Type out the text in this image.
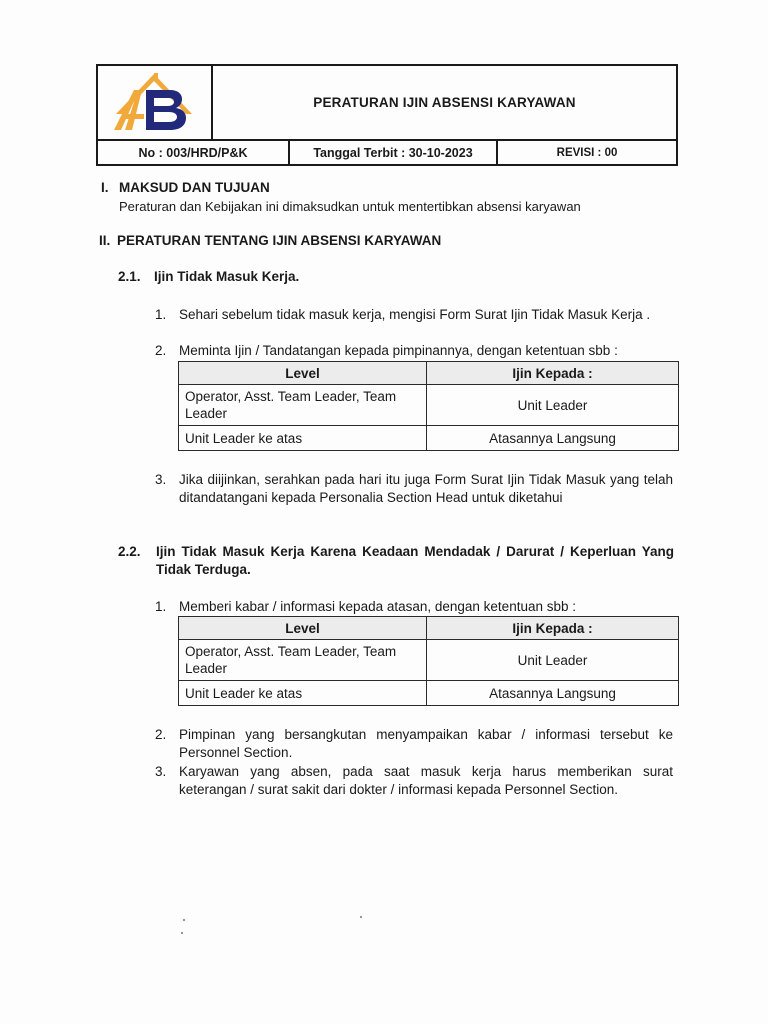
PERATURAN IJIN ABSENSI KARYAWAN
No : 003/HRD/P&K	Tanggal Terbit : 30-10-2023	REVISI : 00
I. MAKSUD DAN TUJUAN
Peraturan dan Kebijakan ini dimaksudkan untuk mentertibkan absensi karyawan
II. PERATURAN TENTANG IJIN ABSENSI KARYAWAN
2.1. Ijin Tidak Masuk Kerja.
1. Sehari sebelum tidak masuk kerja, mengisi Form Surat Ijin Tidak Masuk Kerja .
2. Meminta Ijin / Tandatangan kepada pimpinannya, dengan ketentuan sbb :
Level	Ijin Kepada :
Operator, Asst. Team Leader, Team Leader	Unit Leader
Unit Leader ke atas	Atasannya Langsung
3. Jika diijinkan, serahkan pada hari itu juga Form Surat Ijin Tidak Masuk yang telah ditandatangani kepada Personalia Section Head untuk diketahui
2.2.	Ijin Tidak Masuk Kerja Karena Keadaan Mendadak / Darurat / Keperluan Yang Tidak Terduga.
1. Memberi kabar / informasi kepada atasan, dengan ketentuan sbb :
Level	Ijin Kepada :
Operator, Asst. Team Leader, Team Leader	Unit Leader
Unit Leader ke atas	Atasannya Langsung
2. Pimpinan yang bersangkutan menyampaikan kabar / informasi tersebut ke Personnel Section.
3. Karyawan yang absen, pada saat masuk kerja harus memberikan surat keterangan / surat sakit dari dokter / informasi kepada Personnel Section.
